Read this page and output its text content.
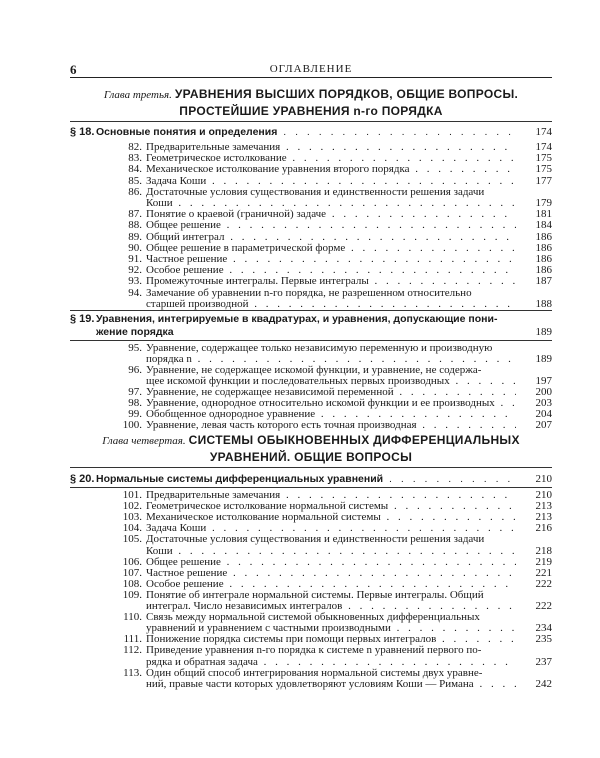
6	ОГЛАВЛЕНИЕ
Глава третья. УРАВНЕНИЯ ВЫСШИХ ПОРЯДКОВ, ОБЩИЕ ВОПРОСЫ.
ПРОСТЕЙШИЕ УРАВНЕНИЯ n-го ПОРЯДКА
§ 18. Основные понятия и определения . . .	174
82. Предварительные замечания . . .	174
83. Геометрическое истолкование . . .	175
84. Механическое истолкование уравнения второго порядка . . .	175
85. Задача Коши . . .	177
86. Достаточные условия существования и единственности решения задачи
Коши . . .	179
87. Понятие о краевой (граничной) задаче . . .	181
88. Общее решение . . .	184
89. Общий интеграл . . .	186
90. Общее решение в параметрической форме . . .	186
91. Частное решение . . .	186
92. Особое решение . . .	186
93. Промежуточные интегралы. Первые интегралы . . .	187
94. Замечание об уравнении n-го порядка, не разрешенном относительно
старшей производной . . .	188
§ 19. Уравнения, интегрируемые в квадратурах, и уравнения, допускающие пони-
жение порядка	189
95. Уравнение, содержащее только независимую переменную и производную
порядка n . . .	189
96. Уравнение, не содержащее искомой функции, и уравнение, не содержа-
щее искомой функции и последовательных первых производных . . .	197
97. Уравнение, не содержащее независимой переменной . . .	200
98. Уравнение, однородное относительно искомой функции и ее производных . . .	203
99. Обобщенное однородное уравнение . . .	204
100. Уравнение, левая часть которого есть точная производная . . .	207
Глава четвертая. СИСТЕМЫ ОБЫКНОВЕННЫХ ДИФФЕРЕНЦИАЛЬНЫХ
УРАВНЕНИЙ. ОБЩИЕ ВОПРОСЫ
§ 20. Нормальные системы дифференциальных уравнений . . .	210
101. Предварительные замечания . . .	210
102. Геометрическое истолкование нормальной системы . . .	213
103. Механическое истолкование нормальной системы . . .	213
104. Задача Коши . . .	216
105. Достаточные условия существования и единственности решения задачи
Коши . . .	218
106. Общее решение . . .	219
107. Частное решение . . .	221
108. Особое решение . . .	222
109. Понятие об интеграле нормальной системы. Первые интегралы. Общий
интеграл. Число независимых интегралов . . .	222
110. Связь между нормальной системой обыкновенных дифференциальных
уравнений и уравнением с частными производными . . .	234
111. Понижение порядка системы при помощи первых интегралов . . .	235
112. Приведение уравнения n-го порядка к системе n уравнений первого по-
рядка и обратная задача . . .	237
113. Один общий способ интегрирования нормальной системы двух уравне-
ний, правые части которых удовлетворяют условиям Коши — Римана . . .	242
